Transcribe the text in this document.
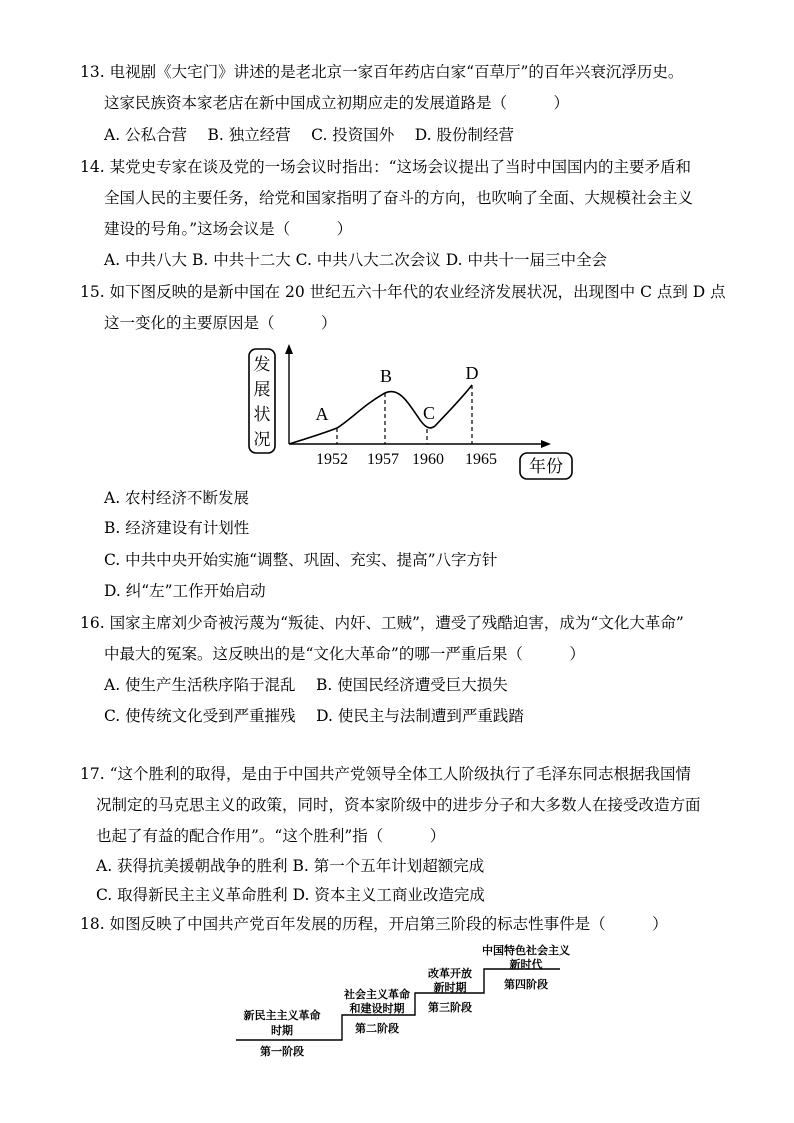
13. 电视剧《大宅门》讲述的是老北京一家百年药店白家“百草厅”的百年兴衰沉浮历史。
这家民族资本家老店在新中国成立初期应走的发展道路是（　　　）
A. 公私合营　 B. 独立经营　 C. 投资国外　 D. 股份制经营
14. 某党史专家在谈及党的一场会议时指出：“这场会议提出了当时中国国内的主要矛盾和
全国人民的主要任务，给党和国家指明了奋斗的方向，也吹响了全面、大规模社会主义
建设的号角。”这场会议是（　　　）
A. 中共八大 B. 中共十二大 C. 中共八大二次会议 D. 中共十一届三中全会
15. 如下图反映的是新中国在 20 世纪五六十年代的农业经济发展状况，出现图中 C 点到 D 点
这一变化的主要原因是（　　　）
发
展
状
况
A
B
C
D
1952 1957 1960 1965 年份
A. 农村经济不断发展
B. 经济建设有计划性
C. 中共中央开始实施“调整、巩固、充实、提高”八字方针
D. 纠“左”工作开始启动
16. 国家主席刘少奇被污蔑为“叛徒、内奸、工贼”，遭受了残酷迫害，成为“文化大革命”
中最大的冤案。这反映出的是“文化大革命”的哪一严重后果（　　　）
A. 使生产生活秩序陷于混乱　 B. 使国民经济遭受巨大损失
C. 使传统文化受到严重摧残　 D. 使民主与法制遭到严重践踏
17. “这个胜利的取得，是由于中国共产党领导全体工人阶级执行了毛泽东同志根据我国情
况制定的马克思主义的政策，同时，资本家阶级中的进步分子和大多数人在接受改造方面
也起了有益的配合作用”。“这个胜利”指（　　　）
A. 获得抗美援朝战争的胜利 B. 第一个五年计划超额完成
C. 取得新民主主义革命胜利 D. 资本主义工商业改造完成
18. 如图反映了中国共产党百年发展的历程，开启第三阶段的标志性事件是（　　　）
新民主主义革命
时期
第一阶段
社会主义革命
和建设时期
第二阶段
改革开放
新时期
第三阶段
中国特色社会主义
新时代
第四阶段
